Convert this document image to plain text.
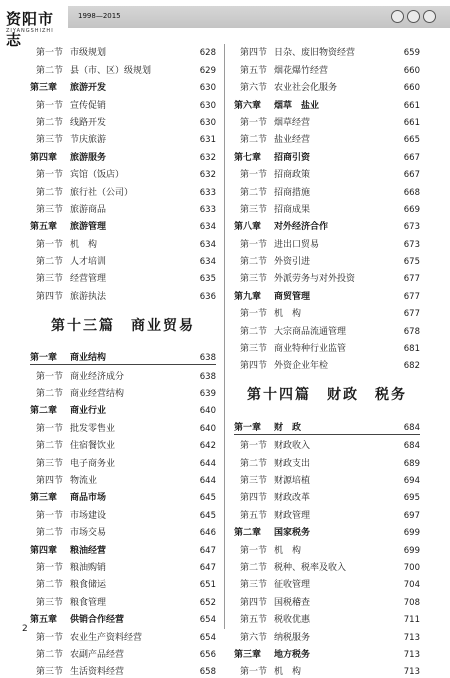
资阳市志
ZIYANGSHIZHI
1998—2015
第一节 市级规划	628
第二节 县（市、区）级规划	629
第三章	旅游开发	630
第一节 宣传促销	630
第二节 线路开发	630
第三节 节庆旅游	631
第四章	旅游服务	632
第一节 宾馆（饭店）	632
第二节 旅行社（公司）	633
第三节 旅游商品	633
第五章	旅游管理	634
第一节 机　构	634
第二节 人才培训	634
第三节 经营管理	635
第四节 旅游执法	636
第十三篇　商业贸易
第一章	商业结构	638
第一节 商业经济成分	638
第二节 商业经营结构	639
第二章	商业行业	640
第一节 批发零售业	640
第二节 住宿餐饮业	642
第三节 电子商务业	644
第四节 物流业	644
第三章	商品市场	645
第一节 市场建设	645
第二节 市场交易	646
第四章	粮油经营	647
第一节 粮油购销	647
第二节 粮食储运	651
第三节 粮食管理	652
第五章	供销合作经营	654
第一节 农业生产资料经营	654
第二节 农副产品经营	656
第三节 生活资料经营	658
第四节 日杂、废旧物资经营	659
第五节 烟花爆竹经营	660
第六节 农业社会化服务	660
第六章	烟草　盐业	661
第一节 烟草经营	661
第二节 盐业经营	665
第七章	招商引资	667
第一节 招商政策	667
第二节 招商措施	668
第三节 招商成果	669
第八章	对外经济合作	673
第一节 进出口贸易	673
第二节 外资引进	675
第三节 外派劳务与对外投资	677
第九章	商贸管理	677
第一节 机　构	677
第二节 大宗商品流通管理	678
第三节 商业特种行业监管	681
第四节 外资企业年检	682
第十四篇　财政　税务
第一章	财　政	684
第一节 财政收入	684
第二节 财政支出	689
第三节 财源培植	694
第四节 财政改革	695
第五节 财政管理	697
第二章	国家税务	699
第一节 机　构	699
第二节 税种、税率及收入	700
第三节 征收管理	704
第四节 国税稽查	708
第五节 税收优惠	711
第六节 纳税服务	713
第三章	地方税务	713
第一节 机　构	713
2
